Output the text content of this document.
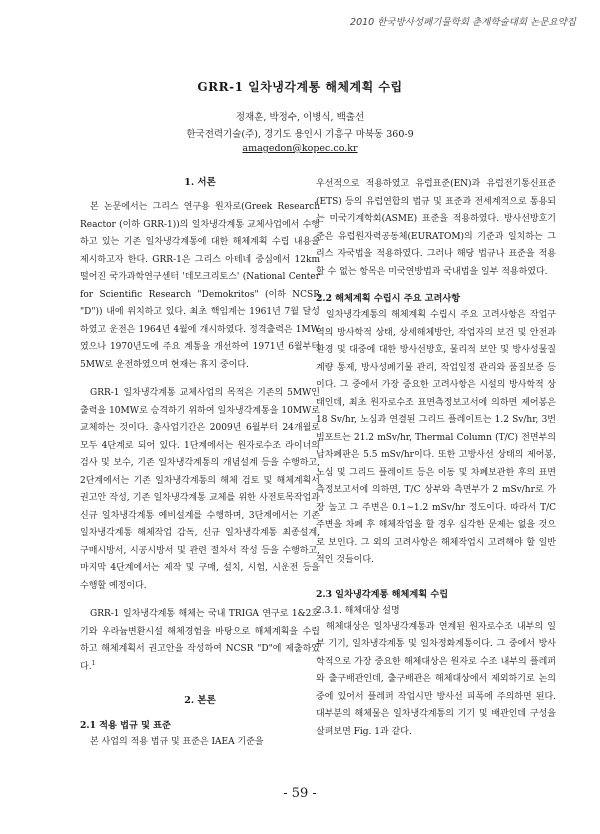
2010 한국방사성폐기물학회 춘계학술대회 논문요약집
GRR-1 일차냉각계통 해체계획 수립
정재훈, 박정수, 이병식, 백출선
한국전력기술(주), 경기도 용인시 기흥구 마북동 360-9
amagedon@kopec.co.kr
1. 서론

본 논문에서는 그리스 연구용 원자로(Greek Research Reactor (이하 GRR-1))의 일차냉각계통 교체사업에서 수행하고 있는 기존 일차냉각계통에 대한 해체계획 수립 내용을 제시하고자 한다. GRR-1은 그리스 아테네 중심에서 12km 떨어진 국가과학연구센터 '데모크리토스' (National Center for Scientific Research "Demokritos" (이하 NCSR "D")) 내에 위치하고 있다. 최초 핵임계는 1961년 7월 달성하였고 운전은 1964년 4월에 개시하였다. 정격출력은 1MW였으나 1970년도에 주요 계통을 개선하여 1971년 6월부터 5MW로 운전하였으며 현재는 휴지 중이다.

GRR-1 일차냉각계통 교체사업의 목적은 기존의 5MW인 출력을 10MW로 승격하기 위하여 일차냉각계통을 10MW로 교체하는 것이다. 총사업기간은 2009년 6월부터 24개월로 모두 4단계로 되어 있다. 1단계에서는 원자로수조 라이너의 검사 및 보수, 기존 일차냉각계통의 개념설계 등을 수행하고, 2단계에서는 기존 일차냉각계통의 해체 검토 및 해체계획서 권고안 작성, 기존 일차냉각계통 교체를 위한 사전토목작업과 신규 일차냉각계통 예비설계를 수행하며, 3단계에서는 기존 일차냉각계통 해체작업 감독, 신규 일차냉각계통 최종설계, 구매시방서, 시공시방서 및 관련 절차서 작성 등을 수행하고, 마지막 4단계에서는 제작 및 구매, 설치, 시험, 시운전 등을 수행할 예정이다.

GRR-1 일차냉각계통 해체는 국내 TRIGA 연구로 1&2호기와 우라늄변환시설 해체경험을 바탕으로 해체계획을 수립하고 해체계획서 권고안을 작성하여 NCSR "D"에 제출하였다.$^1$

2. 본론
2.1 적용 법규 및 표준

본 사업의 적용 법규 및 표준은 IAEA 기준을

우선적으로 적용하였고 유럽표준(EN)과 유럽전기통신표준(ETS) 등의 유럽연합의 법규 및 표준과 전세계적으로 통용되는 미국기계학회(ASME) 표준을 적용하였다. 방사선방호기준은 유럽원자력공동체(EURATOM)의 기준과 일치하는 그리스 자국법을 적용하였다. 그러나 해당 법규나 표준을 적용할 수 없는 항목은 미국연방법과 국내법을 일부 적용하였다.

2.2 해체계획 수립시 주요 고려사항

일차냉각계통의 해체계획 수립시 주요 고려사항은 작업구역의 방사학적 상태, 상세해체방안, 작업자의 보건 및 안전과 환경 및 대중에 대한 방사선방호, 물리적 보안 및 방사성물질 계량 통제, 방사성폐기물 관리, 작업일정 관리와 품질보증 등이다. 그 중에서 가장 중요한 고려사항은 시설의 방사학적 상태인데, 최초 원자로수조 표면측정보고서에 의하면 제어봉은 18 Sv/hr, 노심과 연결된 그리드 플레이트는 1.2 Sv/hr, 3번 빔포트는 21.2 mSv/hr, Thermal Column (T/C) 전면부의 납차폐판은 5.5 mSv/hr이다. 또한 고방사선 상태의 제어봉, 노심 및 그리드 플레이트 등은 이동 및 차폐보관한 후의 표면측정보고서에 의하면, T/C 상부와 측면부가 2 mSv/hr로 가장 높고 그 주변은 0.1∼1.2 mSv/hr 정도이다. 따라서 T/C 주변을 차폐 후 해체작업을 할 경우 심각한 문제는 없을 것으로 보인다. 그 외의 고려사항은 해체작업시 고려해야 할 일반적인 것들이다.

2.3 일차냉각계통 해체계획 수립
2.3.1. 해체대상 설명

해체대상은 일차냉각계통과 연계된 원자로수조 내부의 일부 기기, 일차냉각계통 및 일차정화계통이다. 그 중에서 방사학적으로 가장 중요한 해체대상은 원자로 수조 내부의 플레퍼와 출구배관인데, 출구배관은 해체대상에서 제외하기로 논의 중에 있어서 플레퍼 작업시만 방사선 피폭에 주의하면 된다. 대부분의 해체물은 일차냉각계통의 기기 및 배관인데 구성을 살펴보면 Fig. 1과 같다.

- 59 -
